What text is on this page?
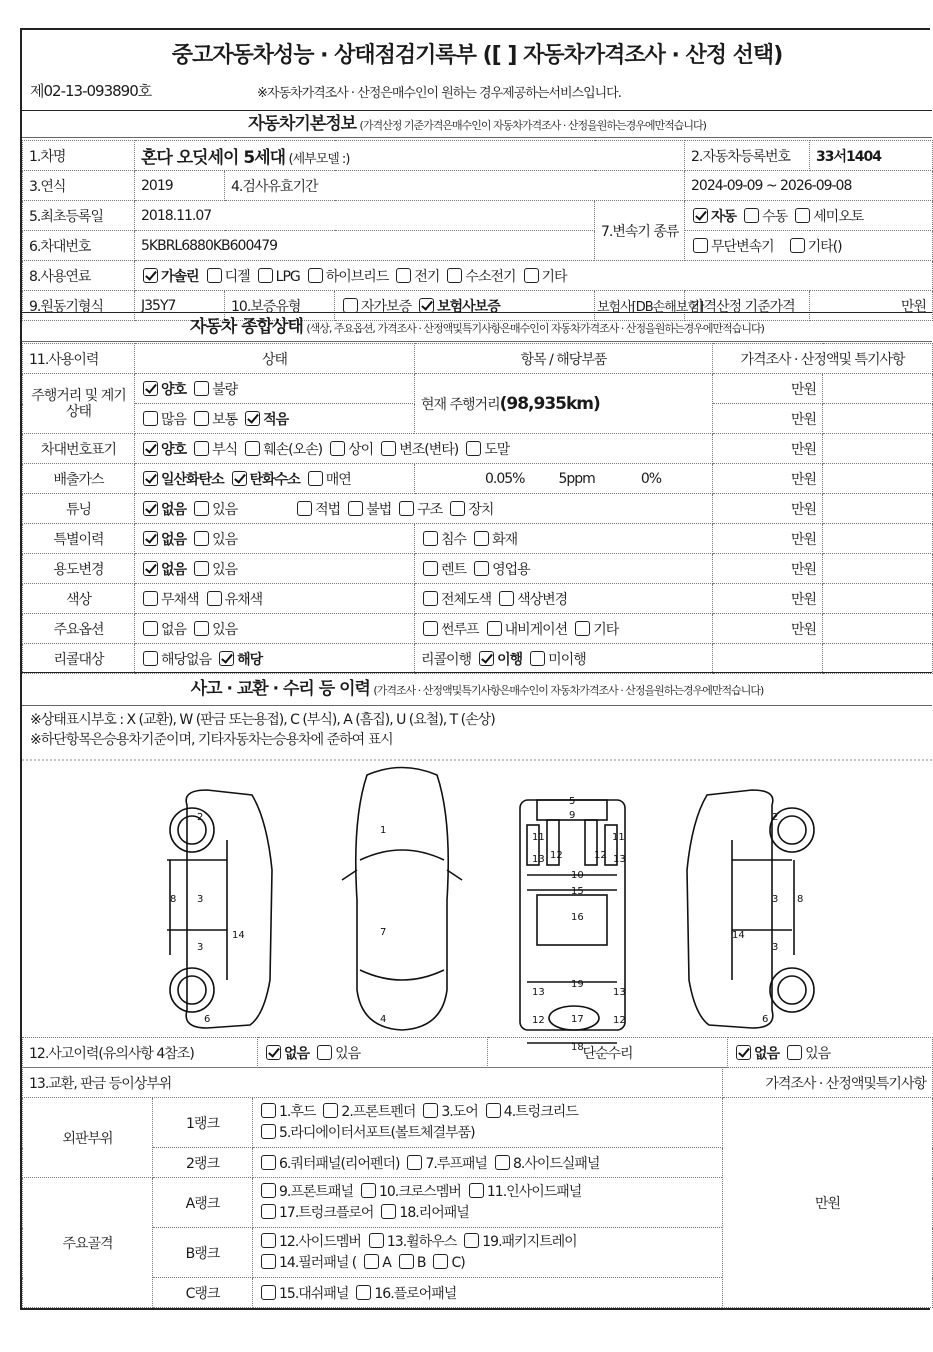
중고자동차성능 · 상태점검기록부 ([ ] 자동차가격조사 · 산정 선택)
제02-13-093890호	※자동차가격조사 · 산정은매수인이 원하는 경우제공하는서비스입니다.
자동차기본정보 (가격산정 기준가격은매수인이 자동차가격조사 · 산정을원하는경우에만적습니다)
1.차명	혼다 오딧세이 5세대 (세부모델 :)				2.자동차등록번호	33서1404
3.연식	2019	4.검사유효기간			2024-09-09 ~ 2026-09-08	
5.최초등록일	2018.11.07			7.변속기 종류	자동 수동 세미오토	
6.차대번호	5KBRL6880KB600479				무단변속기 기타()	
8.사용연료	가솔린 디젤 LPG 하이브리드 전기 수소전기 기타					
9.원동기형식	J35Y7	10.보증유형	자가보증 보험사보증	보험사[DB손해보험]	가격산정 기준가격	만원
자동차 종합상태 (색상, 주요옵션, 가격조사 · 산정액및특기사항은매수인이 자동차가격조사 · 산정을원하는경우에만적습니다)
11.사용이력	상태	항목 / 해당부품	가격조사 · 산정액및 특기사항	
주행거리 및 계기상태	양호 불량	현재 주행거리(98,935km)	만원	
	많음 보통 적음		만원	
차대번호표기	양호 부식 훼손(오손) 상이 변조(변타) 도말		만원	
배출가스	일산화탄소 탄화수소 매연	0.05% 5ppm 0%	만원	
튜닝	없음 있음 적법 불법 구조 장치		만원	
특별이력	없음 있음	침수 화재	만원	
용도변경	없음 있음	렌트 영업용	만원	
색상	무채색 유채색	전체도색 색상변경	만원	
주요옵션	없음 있음	썬루프 내비게이션 기타	만원	
리콜대상	해당없음 해당	리콜이행 이행 미이행		
사고 · 교환 · 수리 등 이력 (가격조사 · 산정액및특기사항은매수인이 자동차가격조사 · 산정을원하는경우에만적습니다)
※상태표시부호 : X (교환), W (판금 또는용접), C (부식), A (흠집), U (요철), T (손상)
※하단항목은승용차기준이며, 기타자동차는승용차에 준하여 표시
2
8 3
3
14
6
1
7
4
5
9
11	11
12	12
13	13
10
15
16
19
13	13
12	12
17
18
2
3 8
14
3
6
12.사고이력(유의사항 4참조)	없음 있음	단순수리	없음 있음
13.교환, 판금 등이상부위			가격조사 · 산정액및특기사항
외판부위	1랭크	1.후드 2.프론트펜더 3.도어 4.트렁크리드
5.라디에이터서포트(볼트체결부품)	만원
	2랭크	6.쿼터패널(리어펜더) 7.루프패널 8.사이드실패널	
주요골격	A랭크	9.프론트패널 10.크로스멤버 11.인사이드패널
17.트렁크플로어 18.리어패널	

	B랭크	12.사이드멤버 13.휠하우스 19.패키지트레이
14.필러패널 ( A B C)	

	C랭크	15.대쉬패널 16.플로어패널	
